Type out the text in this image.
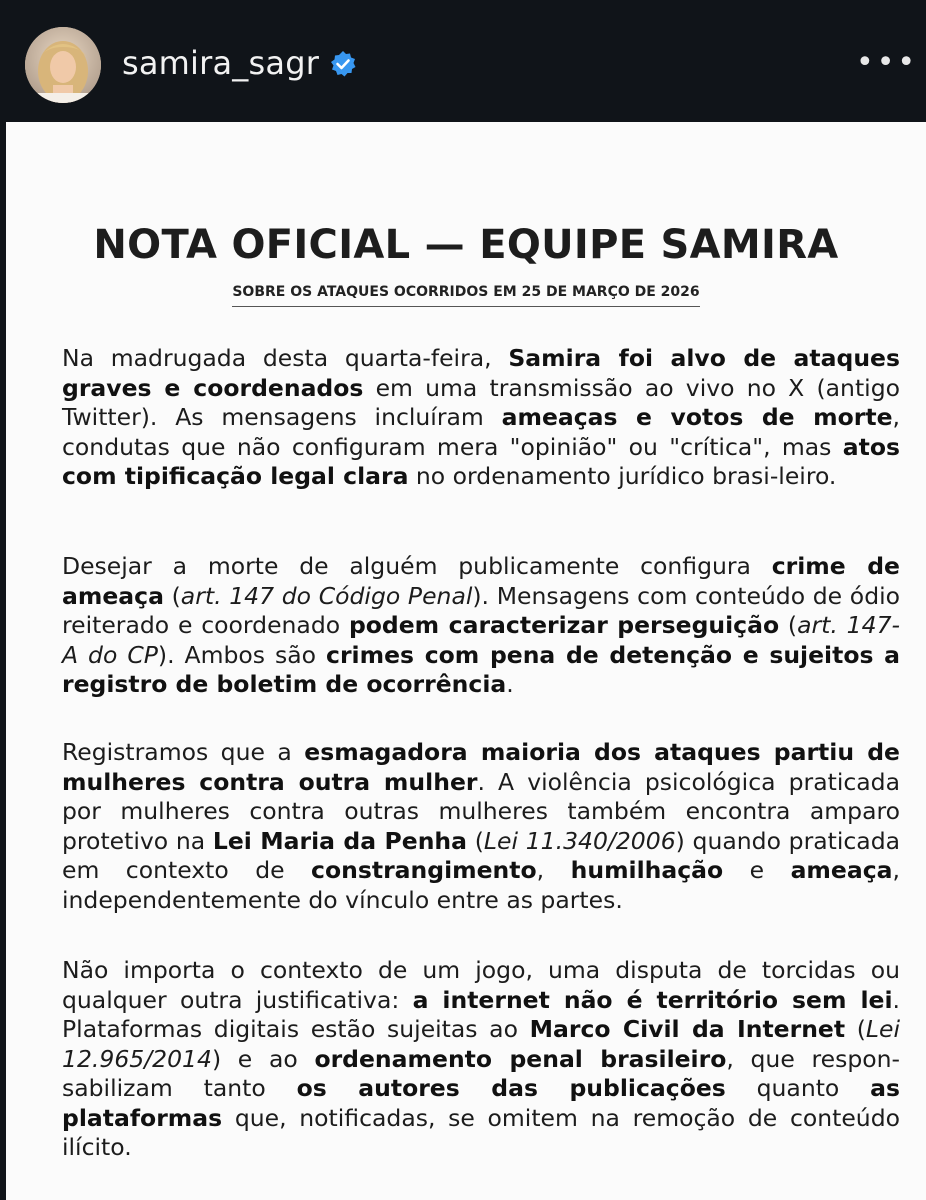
samira_sagr	•••
NOTA OFICIAL — EQUIPE SAMIRA
SOBRE OS ATAQUES OCORRIDOS EM 25 DE MARÇO DE 2026

Na madrugada desta quarta-feira, Samira foi alvo de ataques graves e coordenados em uma transmissão ao vivo no X (antigo Twitter). As mensagens incluíram ameaças e votos de morte, condutas que não configuram mera "opinião" ou "crítica", mas atos com tipificação legal clara no ordenamento jurídico brasi-leiro.

Desejar a morte de alguém publicamente configura crime de ameaça (art. 147 do Código Penal). Mensagens com conteúdo de ódio reiterado e coordenado podem caracterizar perseguição (art. 147-A do CP). Ambos são crimes com pena de detenção e sujeitos a registro de boletim de ocorrência.

Registramos que a esmagadora maioria dos ataques partiu de mulheres contra outra mulher. A violência psicológica praticada por mulheres contra outras mulheres também encontra amparo protetivo na Lei Maria da Penha (Lei 11.340/2006) quando praticada em contexto de constrangimento, humilhação e ameaça, independentemente do vínculo entre as partes.

Não importa o contexto de um jogo, uma disputa de torcidas ou qualquer outra justificativa: a internet não é território sem lei. Plataformas digitais estão sujeitas ao Marco Civil da Internet (Lei 12.965/2014) e ao ordenamento penal brasileiro, que respon-sabilizam tanto os autores das publicações quanto as plataformas que, notificadas, se omitem na remoção de conteúdo ilícito.
